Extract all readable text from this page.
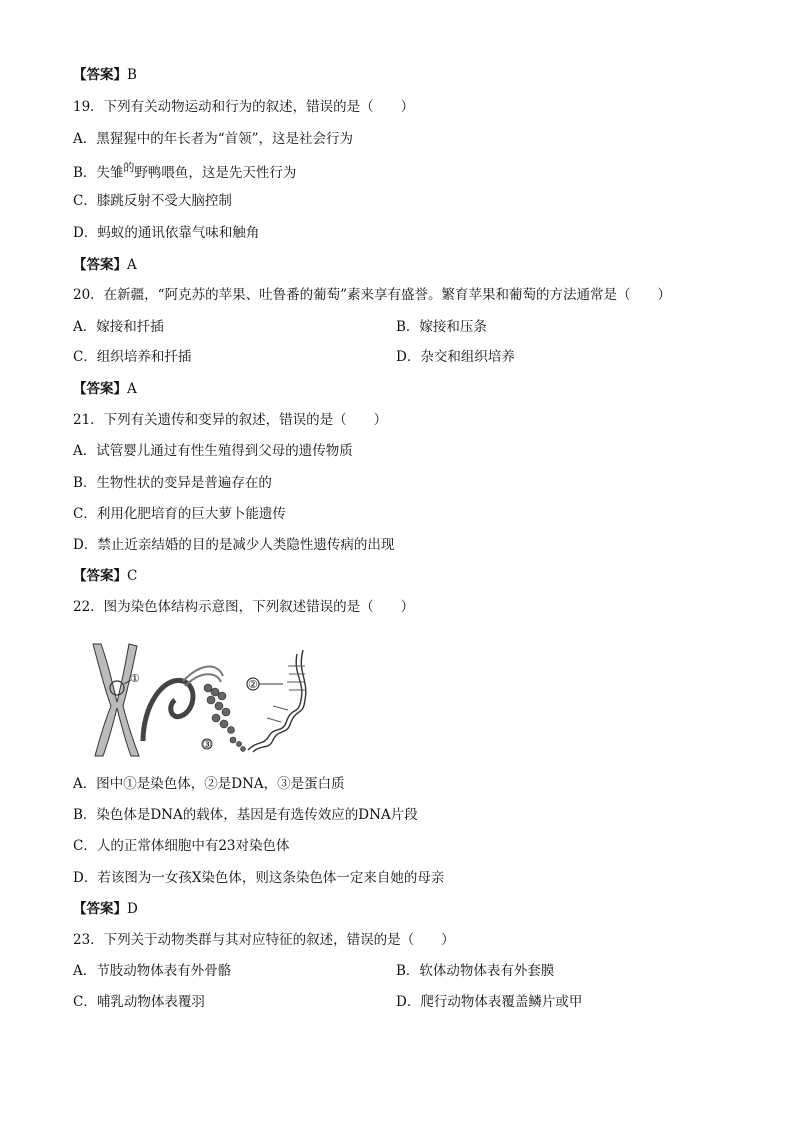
【答案】B
19．下列有关动物运动和行为的叙述，错误的是（　　）
A．黑猩猩中的年长者为“首领”，这是社会行为
B．失雏$^的$野鸭喂鱼，这是先天性行为
C．膝跳反射不受大脑控制
D．蚂蚁的通讯依靠气味和触角
【答案】A
20．在新疆，“阿克苏的苹果、吐鲁番的葡萄”素来享有盛誉。繁育苹果和葡萄的方法通常是（　　）
A．嫁接和扦插	B．嫁接和压条
C．组织培养和扦插	D．杂交和组织培养
【答案】A
21．下列有关遗传和变异的叙述，错误的是（　　）
A．试管婴儿通过有性生殖得到父母的遗传物质
B．生物性状的变异是普遍存在的
C．利用化肥培育的巨大萝卜能遗传
D．禁止近亲结婚的目的是减少人类隐性遗传病的出现
【答案】C
22．图为染色体结构示意图，下列叙述错误的是（　　）
①
③
②
A．图中①是染色体，②是DNA，③是蛋白质
B．染色体是DNA的载体，基因是有选传效应的DNA片段
C．人的正常体细胞中有23对染色体
D．若该图为一女孩X染色体，则这条染色体一定来自她的母亲
【答案】D
23．下列关于动物类群与其对应特征的叙述，错误的是（　　）
A．节肢动物体表有外骨骼	B．软体动物体表有外套膜
C．哺乳动物体表覆羽	D．爬行动物体表覆盖鳞片或甲
